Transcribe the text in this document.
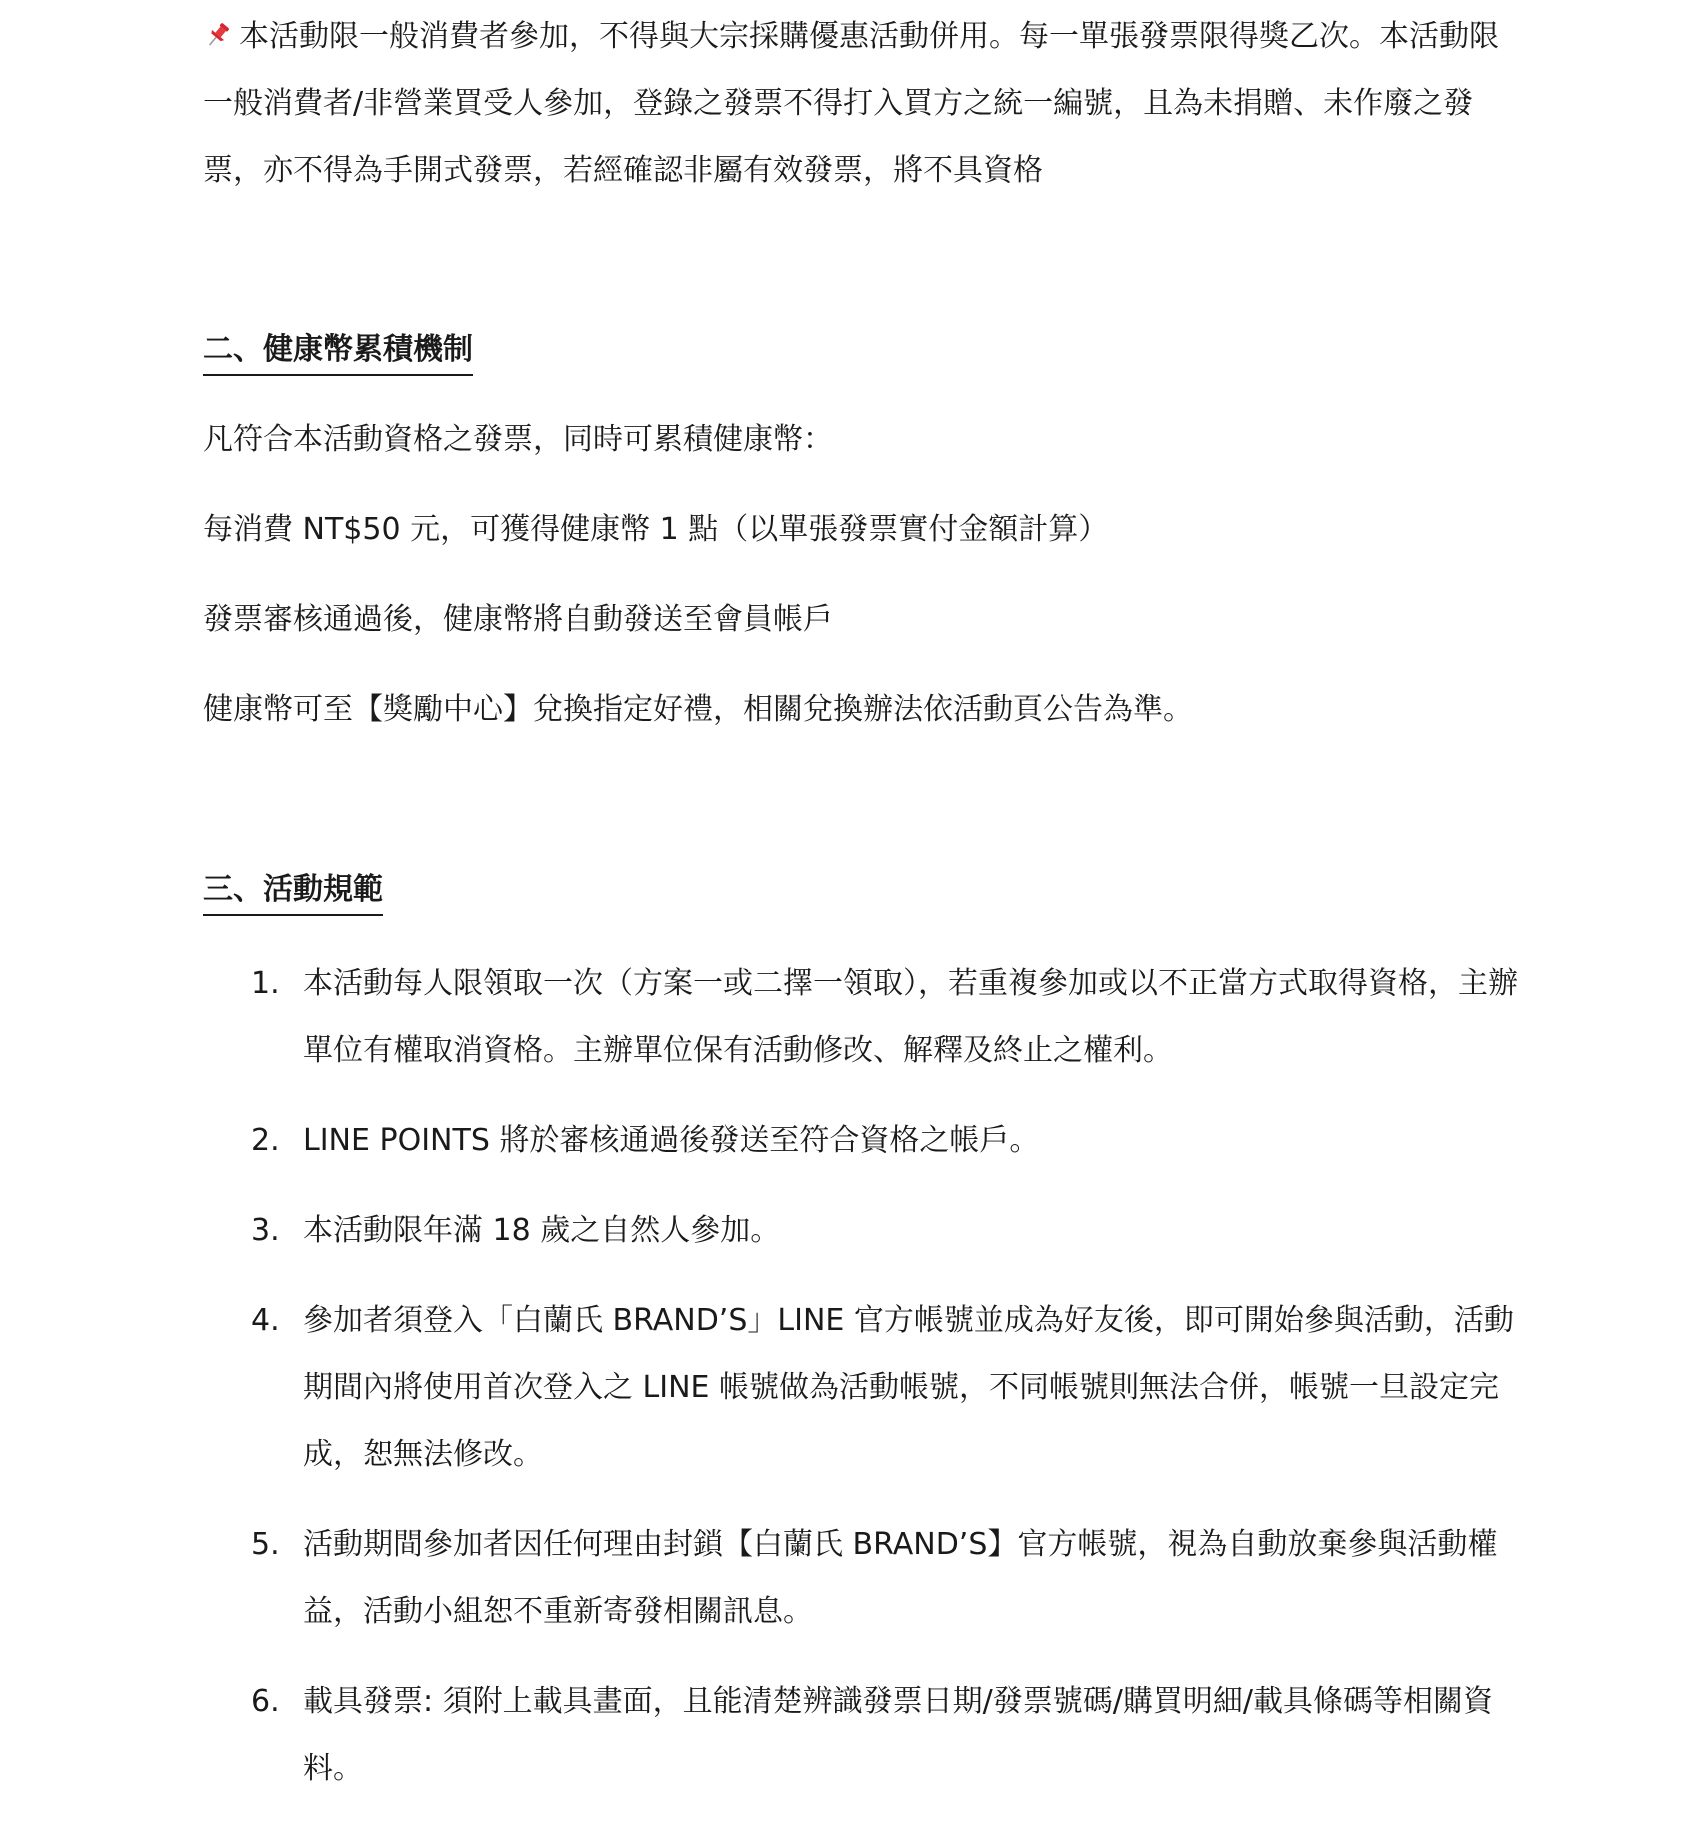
本活動限一般消費者參加，不得與大宗採購優惠活動併用。每一單張發票限得獎乙次。本活動限一般消費者/非營業買受人參加，登錄之發票不得打入買方之統一編號，且為未捐贈、未作廢之發票，亦不得為手開式發票，若經確認非屬有效發票，將不具資格

二、健康幣累積機制

凡符合本活動資格之發票，同時可累積健康幣：

每消費 NT$50 元，可獲得健康幣 1 點（以單張發票實付金額計算）

發票審核通過後，健康幣將自動發送至會員帳戶

健康幣可至【獎勵中心】兌換指定好禮，相關兌換辦法依活動頁公告為準。

三、活動規範
1. 本活動每人限領取一次（方案一或二擇一領取），若重複參加或以不正當方式取得資格，主辦單位有權取消資格。主辦單位保有活動修改、解釋及終止之權利。
2. LINE POINTS 將於審核通過後發送至符合資格之帳戶。
3. 本活動限年滿 18 歲之自然人參加。
4. 參加者須登入「白蘭氏 BRAND’S」LINE 官方帳號並成為好友後，即可開始參與活動，活動期間內將使用首次登入之 LINE 帳號做為活動帳號，不同帳號則無法合併，帳號一旦設定完成，恕無法修改。
5. 活動期間參加者因任何理由封鎖【白蘭氏 BRAND’S】官方帳號，視為自動放棄參與活動權益，活動小組恕不重新寄發相關訊息。
6. 載具發票: 須附上載具畫面，且能清楚辨識發票日期/發票號碼/購買明細/載具條碼等相關資料。
